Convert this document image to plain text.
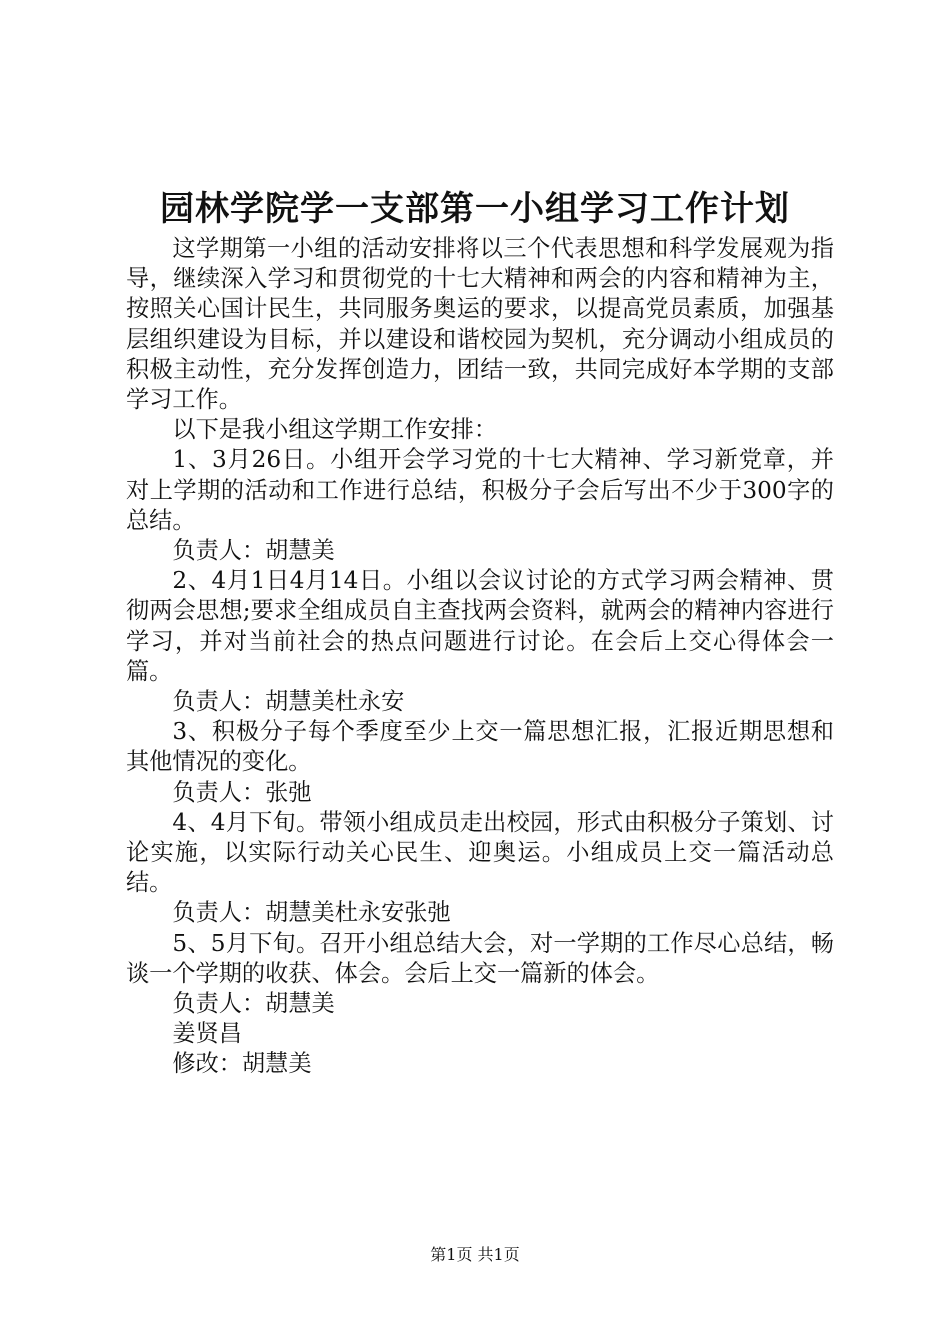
园林学院学一支部第一小组学习工作计划

这学期第一小组的活动安排将以三个代表思想和科学发展观为指导，继续深入学习和贯彻党的十七大精神和两会的内容和精神为主，按照关心国计民生，共同服务奥运的要求，以提高党员素质，加强基层组织建设为目标，并以建设和谐校园为契机，充分调动小组成员的积极主动性，充分发挥创造力，团结一致，共同完成好本学期的支部学习工作。

以下是我小组这学期工作安排：

1、3月26日。小组开会学习党的十七大精神、学习新党章，并对上学期的活动和工作进行总结，积极分子会后写出不少于300字的总结。

负责人：胡慧美

2、4月1日4月14日。小组以会议讨论的方式学习两会精神、贯彻两会思想;要求全组成员自主查找两会资料，就两会的精神内容进行学习，并对当前社会的热点问题进行讨论。在会后上交心得体会一篇。

负责人：胡慧美杜永安

3、积极分子每个季度至少上交一篇思想汇报，汇报近期思想和其他情况的变化。

负责人：张弛

4、4月下旬。带领小组成员走出校园，形式由积极分子策划、讨论实施，以实际行动关心民生、迎奥运。小组成员上交一篇活动总结。

负责人：胡慧美杜永安张弛

5、5月下旬。召开小组总结大会，对一学期的工作尽心总结，畅谈一个学期的收获、体会。会后上交一篇新的体会。

负责人：胡慧美

姜贤昌

修改：胡慧美

第1页 共1页
